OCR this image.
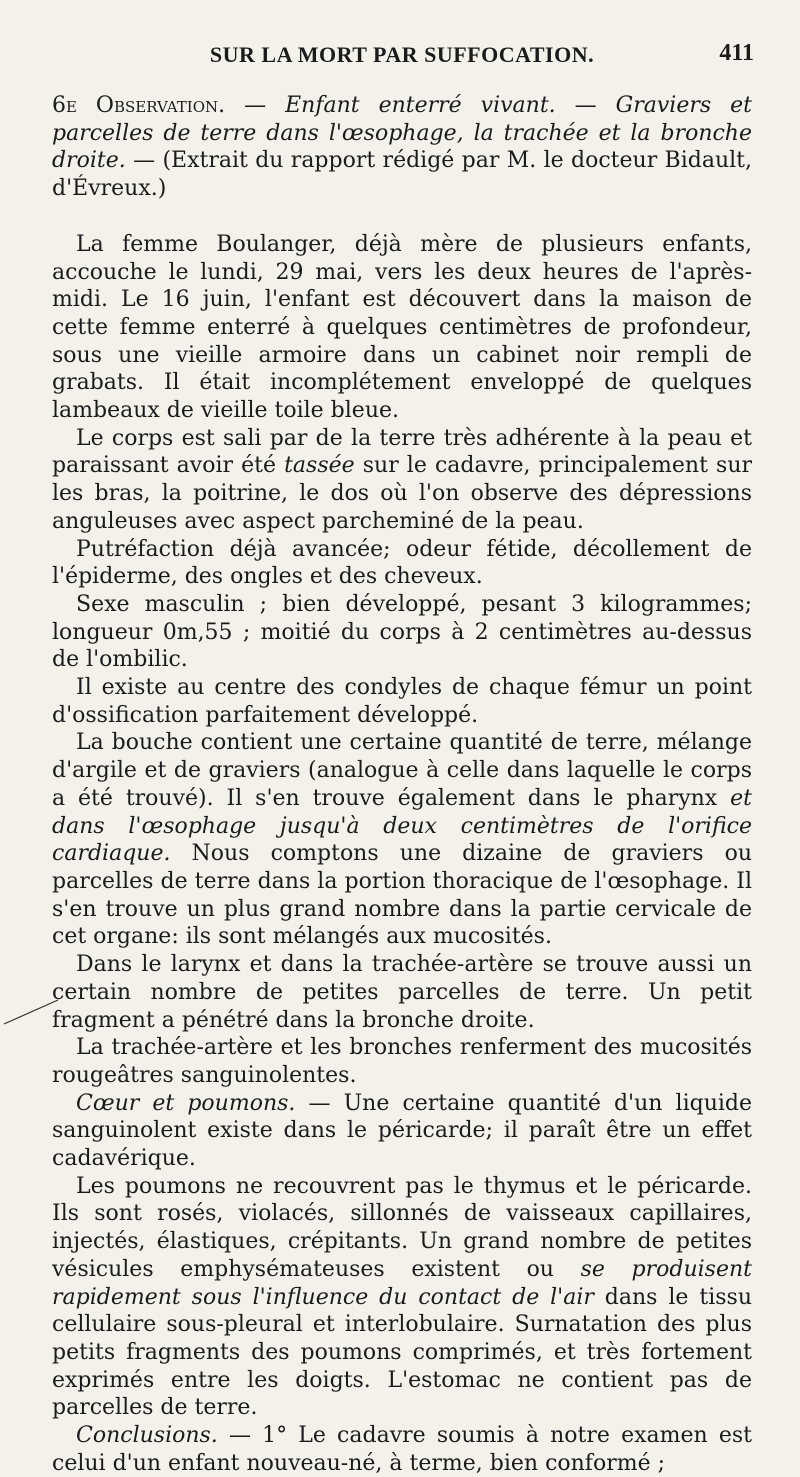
SUR LA MORT PAR SUFFOCATION.	411

6e Observation. — Enfant enterré vivant. — Graviers et parcelles de terre dans l'œsophage, la trachée et la bronche droite. — (Extrait du rapport rédigé par M. le docteur Bidault, d'Évreux.)

La femme Boulanger, déjà mère de plusieurs enfants, accouche le lundi, 29 mai, vers les deux heures de l'après-midi. Le 16 juin, l'enfant est découvert dans la maison de cette femme enterré à quelques centimètres de profondeur, sous une vieille armoire dans un cabinet noir rempli de grabats. Il était incomplétement enveloppé de quelques lambeaux de vieille toile bleue.

Le corps est sali par de la terre très adhérente à la peau et paraissant avoir été tassée sur le cadavre, principalement sur les bras, la poitrine, le dos où l'on observe des dépressions anguleuses avec aspect parcheminé de la peau.

Putréfaction déjà avancée; odeur fétide, décollement de l'épiderme, des ongles et des cheveux.

Sexe masculin ; bien développé, pesant 3 kilogrammes; longueur 0m,55 ; moitié du corps à 2 centimètres au-dessus de l'ombilic.

Il existe au centre des condyles de chaque fémur un point d'ossification parfaitement développé.

La bouche contient une certaine quantité de terre, mélange d'argile et de graviers (analogue à celle dans laquelle le corps a été trouvé). Il s'en trouve également dans le pharynx et dans l'œsophage jusqu'à deux centimètres de l'orifice cardiaque. Nous comptons une dizaine de graviers ou parcelles de terre dans la portion thoracique de l'œsophage. Il s'en trouve un plus grand nombre dans la partie cervicale de cet organe: ils sont mélangés aux mucosités.

Dans le larynx et dans la trachée-artère se trouve aussi un certain nombre de petites parcelles de terre. Un petit fragment a pénétré dans la bronche droite.

La trachée-artère et les bronches renferment des mucosités rougeâtres sanguinolentes.

Cœur et poumons. — Une certaine quantité d'un liquide sanguinolent existe dans le péricarde; il paraît être un effet cadavérique.

Les poumons ne recouvrent pas le thymus et le péricarde. Ils sont rosés, violacés, sillonnés de vaisseaux capillaires, injectés, élastiques, crépitants. Un grand nombre de petites vésicules emphysémateuses existent ou se produisent rapidement sous l'influence du contact de l'air dans le tissu cellulaire sous-pleural et interlobulaire. Surnatation des plus petits fragments des poumons comprimés, et très fortement exprimés entre les doigts. L'estomac ne contient pas de parcelles de terre.

Conclusions. — 1° Le cadavre soumis à notre examen est celui d'un enfant nouveau-né, à terme, bien conformé ;
